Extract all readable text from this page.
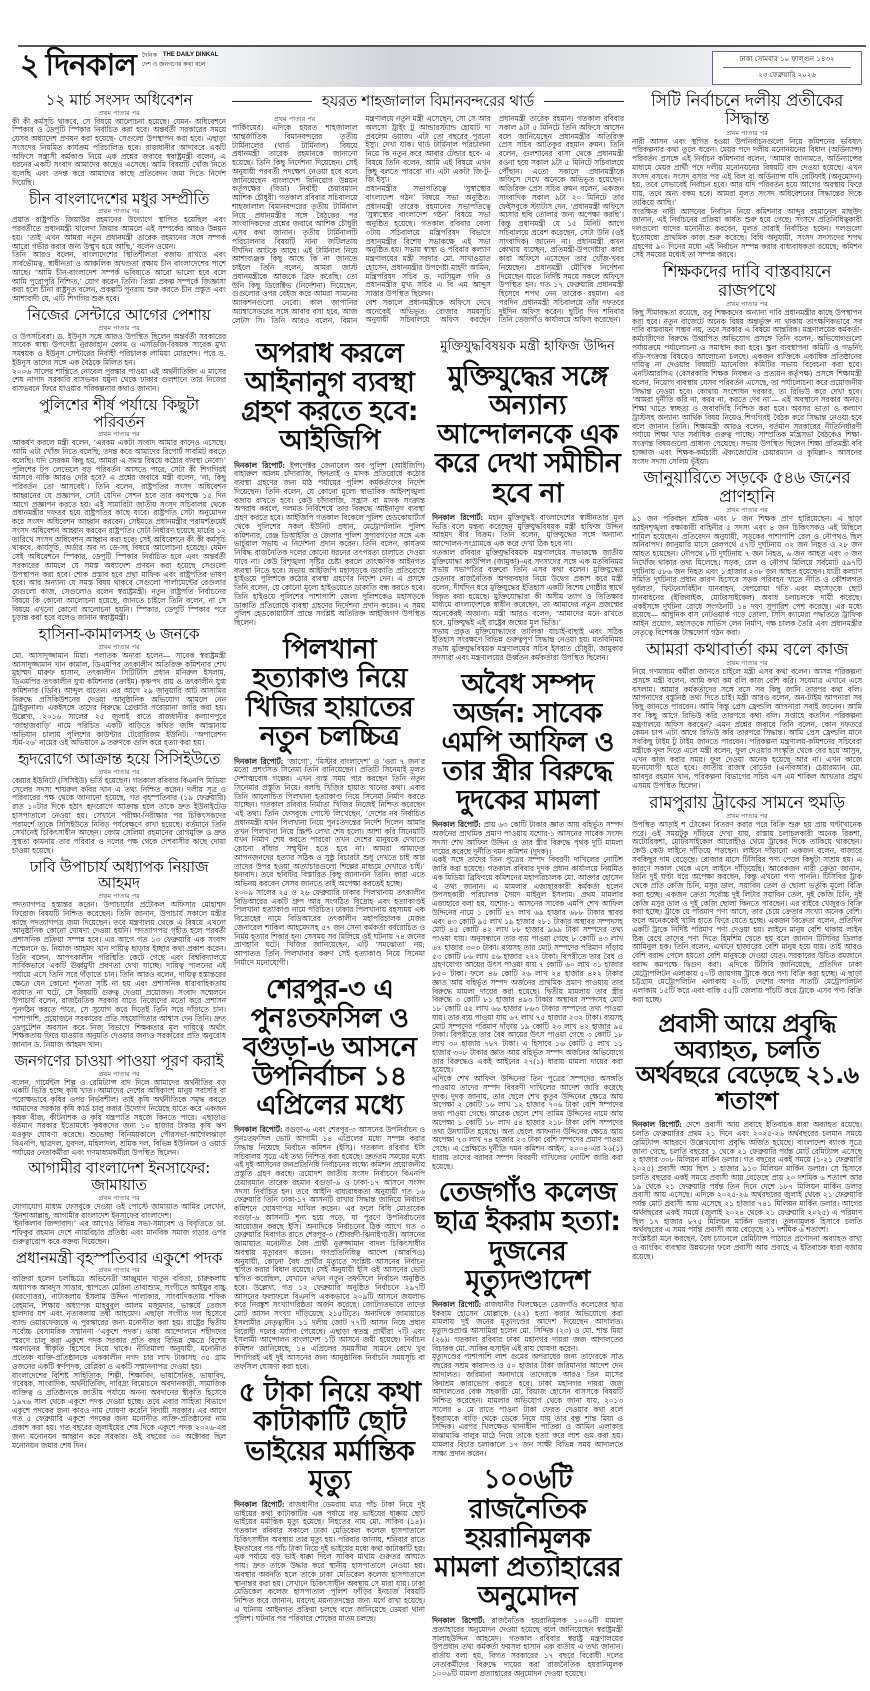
২ দিনকাল দৈনিক THE DAILY DINKAL
দেশ ও জনগণের কথা বলে
ঢাকা সোমবার ১০ ফাল্গুন ১৪৩২
২৩ ফেব্রুয়ারি ২০২৬
হযরত শাহজালাল বিমানবন্দরের থার্ড
প্রথম পাতার পর

পার্কিংয়ের। এদিকে হযরত শাহজালাল আন্তর্জাতিক বিমানবন্দরের তৃতীয় টার্মিনালের (থার্ড টার্মিনাল) বিষয়ে প্রধানমন্ত্রী তারেক রহমানকে জানানো হয়েছে। তিনি কিছু নির্দেশনা দিয়েছেন। সেই অনুযায়ী পরবর্তী পদক্ষেপ নেওয়া হবে বলে জানিয়েছেন বাংলাদেশ বিনিয়োগ উন্নয়ন কর্তৃপক্ষের (বিডা) নির্বাহী চেয়ারম্যান আশিক চৌধুরী। গতকাল রবিবার সচিবালয়ে শাহজালাল বিমানবন্দরের তৃতীয় টার্মিনাল নিয়ে প্রধানমন্ত্রীর সঙ্গে বৈঠকের পর সাংবাদিকদের প্রশ্নের জবাবে আশিক চৌধুরী এসব কথা জানান। তৃতীয় টার্মিনালটি পরিচালনার বিষয়টি নানা জটিলতায় দীর্ঘদিন আটকে আছে। এই টার্মিনাল নিয়ে আশাব্যঞ্জক কিছু আছে কি না জানতে চাইলে তিনি বলেন, আমরা জাস্ট প্রধানমন্ত্রীকে আজকে ব্রিফ করেছি। তো উনি কিছু ডিরেক্টিভ (নির্দেশনা) দিয়েছেন, গুগুলোর ওপর বেইজ করে আমরা সামনের অ্যাকশনগুলো নেবো। কাল জাপানির অ্যাম্বাসেডরের সঙ্গে আবার বসা হবে, আজ লেটস সি। তিনি আরও বলেন, বিমান মন্ত্রণালয়ে নতুন মন্ত্রী এসেছেন, সো সে আর অলসো ট্রাইং টু আন্ডারস্ট্যান্ড হোয়াট দ্য প্রবলেম ওয়াজ। এটা তো বছরের পুরনো ইস্যু। দেখা যাক। থার্ড টার্মিনাল পরিচালনা নিয়ে কি নতুন করে আবার টেন্ডার হবে- এ বিষয়ে তিনি বলেন, আমি এই বিষয়ে এখন কিছু বলতে পারবো না। এটা একটা জি-টু-জি ইস্যু।

প্রধানমন্ত্রীর সভাপতিত্বে ‘সুস্বাস্থ্যের বাংলাদেশ গঠন’ বিষয়ে সভা অনুষ্ঠিত: প্রধানমন্ত্রী তারেক রহমানের সভাপতিত্বে ‘সুস্বাস্থ্যের বাংলাদেশ গঠন’ বিষয়ে সভা অনুষ্ঠিত হয়েছে। গতকাল রবিবার বেলা ৩টায় সচিবালয়ে মন্ত্রিপরিষদ বিভাগে প্রধানমন্ত্রীর বিশেষ সভাকক্ষে এই সভা অনুষ্ঠিত হয়। সভায় স্বাস্থ্য ও পরিবার কল্যাণ মন্ত্রণালয়ের মন্ত্রী সরদার মো. সাখাওয়াত হোসেন, প্রধানমন্ত্রীর উপদেষ্টা মাহদী আমিন, মন্ত্রিপরিষদ সচিব ড. নাসিমুল গনি ও প্রধানমন্ত্রীর মুখ্য সচিব এ বি এম আব্দুস সাত্তার উপস্থিত ছিলেন।

বেশ সকালে প্রধানমন্ত্রীকে অফিসে দেখে অনেকেই অভিভূত: রোজার সময়সূচি অনুযায়ী সচিবালয়ে অফিস করছেন প্রধানমন্ত্রী তারেক রহমান। গতকাল রবিবার সকাল ৯টা ৫ মিনিটে তিনি অফিসে আসেন বলে জানিয়েছেন প্রধানমন্ত্রীর অতিরিক্ত প্রেস সচিব আতিকুর রহমান রুমন। তিনি বলেন, গুলশানের বাসা থেকে প্রধানমন্ত্রী রওনা হয়ে সকাল ৯টা ৫ মিনিটে সচিবালয়ে পৌঁছান। এতো সকালে প্রধানমন্ত্রীকে অফিসে দেখে অনেকে অভিভূত হয়েছেন। অতিরিক্ত প্রেস সচিব রুমন বলেন, একজন সাংবাদিক সকাল ৯টা ২০ মিনিটে তার ফেইসবুকে স্ট্যাটাস দেন, ‘প্রধানমন্ত্রী অফিসে আসার ছবি তোলার জন্য অপেক্ষা করছি’। কিন্তু প্রধানমন্ত্রী যে ১৫ মিনিট আগে সচিবালয়ে প্রবেশ করেছেন, সেটা উনি (ওই সাংবাদিক) জানেন না। প্রধানমন্ত্রী কখন কোথায় যাচ্ছেন, প্রতিমন্ত্রী-উপদেষ্টারা কারা কারা অফিসে এসেছেন তার খোঁজ-খবর নিয়েছেন। প্রধানমন্ত্রী মৌখিক নির্দেশনা দিয়েছেন যাতে নির্দিষ্ট সময়ে সকলে অফিসে উপস্থিত হন। গত ১৭ ফেব্রুয়ারি প্রধানমন্ত্রী হিসেবে শপথ নেন তারেক রহমান। এর পরদিন প্রধানমন্ত্রী সচিবালয়ে তাঁর দফতরে দুইদিন অফিস করেন। ছুটির দিন শনিবার তিনি তেজগাঁও কার্যালয়ে অফিস করেছেন।

১২ মার্চ সংসদ অধিবেশন
প্রথম পাতার পর

কী কী কর্মসূচি থাকবে, সে বিষয়ে আলোচনা হয়েছে। যেমন- অধিবেশনে স্পিকার ও ডেপুটি স্পিকার নির্বাচিত করা হবে। অন্তর্বর্তী সরকারের সময়ে যেসব অধ্যাদেশ প্রণয়ন করা হয়েছে- সেগুলো উপস্থাপন করা হবে। এছাড়া সংসদের নিয়মিত কার্যক্রম পরিচালিত হবে। রাজধানীর আদাবরে একটি অফিসে সন্ত্রাসী কর্মকাণ্ড নিয়ে এক প্রশ্নের জবাবে স্বরাষ্ট্রমন্ত্রী বলেন, এ ধরনের একটি সংবাদ আমাদের কাছেও এসেছে। আমি বিষয়টি খোঁজ নিতে বলেছি এবং তদন্ত করে আমাদের কাছে প্রতিবেদন জমা দিতে নির্দেশ দিয়েছি।

চীন বাংলাদেশের মধুর সম্প্রীতি
প্রথম পাতার পর

প্রয়াত রাষ্ট্রপতি জিয়াউর রহমানের উদ্যোগে স্থাপিত হয়েছিল এবং পরবর্তীতে প্রধানমন্ত্রী খালেদা জিয়ার আমলে এই সম্পর্কের আরও উন্নয়ন হয়। ‘তাই এখন আমরা নতুন প্রধানমন্ত্রী তারেক রহমানের সঙ্গে সম্পর্ক আরো গভীর করার জন্য উন্মুখ হয়ে আছি,’ বলেন ওয়েন।

তিনি আরও বলেন, বাংলাদেশের স্থিতিশীলতা বজায় রাখতে এবং সার্বভৌমত্ব, স্বাধীনতা ও আঞ্চলিক অখণ্ডতা রক্ষায় চীন বাংলাদেশের পাশে আছে। ‘আমি চীন-বাংলাদেশ সম্পর্ক ভবিষ্যতে আরো ভালো হবে বলে আমি পুরোপুরি নিশ্চিত,’ যোগ করেন তিনি। তিস্তা প্রকল্প সম্পর্কে জিজ্ঞাসা করা হলে চীনা রাষ্ট্রদূত বলেন, প্রকল্পটি পুনরায় শুরু করতে চীন প্রস্তুত এবং আশাবাদী যে, এটি শিগগির শুরু হবে।

নিজের সেন্টারে আগের পেশায়
প্রথম পাতার পর

ও উপসচিবরা। ড. ইউনূস সঙ্গে আরও উপস্থিত ছিলেন অন্তর্বর্তী সরকারের সাবেক স্বাস্থ্য উপদেষ্টা নুরজাহান বেগম ও এসডিজি-বিষয়ক সাবেক মুখ্য সমন্বয়ক ও ইউনূস সেন্টারের নির্বাহী পরিচালক লামিয়া মোরশেদ। পরে ড. ইউনূস তাদের সঙ্গে এক বৈঠকে মিলিত হন।

২০০৬ সালের শান্তিতে নোবেল পুরস্কার পাওয়া এই অর্থনীতিবিদ এ মাসের শেষ নাগাদ সরকারি বাসভবন যমুনা থেকে ঢাকার গুলশানে তার নিজের বাসভবনে ফিরে যাওয়ার পরিকল্পনার কথাও জানান।

পুলিশের শীর্ষ পর্যায়ে কিছুটা পরিবর্তন
প্রথম পাতার পর

আকর্ষণ করলে মন্ত্রী বলেন, ‘এরকম একটা সংবাদ আমার কানেও এসেছে। আমি এটা খোঁজ নিতে বলেছি, তদন্ত করে আমাদের রিপোর্ট সাবমিট করতে বলেছি। যদি সেরকম কিছু হয়, আমরা এ সমস্ত বিষয়ে কঠোর ব্যবস্থা নেবো।’ পুলিশের টপ লেভেলে বড় পরিবর্তন আসতে পারে, সেটা কী শিগগিরই আসবে নাকি আরও দেরি হবে? এ প্রশ্নের জবাবে মন্ত্রী বলেন, ‘না, কিছু পরিবর্তন তো আসবেই’। তিনি বলেন, রাষ্ট্রপতির সংসদ অধিবেশন আহ্বানের যে প্রজ্ঞাপন, সেটা যেদিন সেশন হবে তার কমপক্ষে ১৫ দিন আগে প্রজ্ঞাপন করতে হয়। এই সামারিটা জাতীয় সংসদ সচিবালয় থেকে প্রধানমন্ত্রীর দফতর হয়ে রাষ্ট্রপতির কাছে যাবে। রাষ্ট্রপতি সেটা অনুমোদন করে সংসদ অধিবেশন আহ্বান করবেন। সেইমতে প্রধানমন্ত্রীর পরামর্শক্রমেই সংসদ অধিবেশন আহ্বান করবেন রাষ্ট্রপতি। সেটা নির্ধারণ হয়েছে মার্চের ১২ তারিখে সংসদ অধিবেশন আহ্বান করা হবে। সেই অধিবেশনে কী কী কর্মসূচি থাকবে, কার্যসূচি, অর্ডার অব দ্য ডে-সহ বিষয়ে আলোচনা হয়েছে। যেমন সেই অধিবেশনে স্পিকার, ডেপুটি স্পিকার নির্বাচিত হবে এবং অন্তর্বর্তী সরকারের আমলে যে সমস্ত অধ্যাদেশ প্রণয়ন করা হয়েছে সেগুলো উপস্থাপন করা হবে। শোক প্রস্তাব হবে প্রথা মাফিক এবং রাষ্ট্রপতির ভাষণ হবে। আর অন্যান্য যে সমস্ত বিষয় থাকবে সেগুলো পার্লামেন্টের রেগুলার যেগুলো কাজ, সেগুলোও বলেন স্বরাষ্ট্রমন্ত্রী। নতুন রাষ্ট্রপতি নির্বাচনের বিষয়ে কি কোনো আলোচনা হয়েছে, জানতে চাইলে তিনি বলেন, না সে বিষয়ে এখনো কোনো আলোচনা হয়নি। স্পিকার, ডেপুটি স্পিকার পরে চূড়ান্ত করা হবে বলেও জানান স্বরাষ্ট্রমন্ত্রী।

হাসিনা-কামালসহ ৬ জনকে
প্রথম পাতার পর

মো. আসাদুজ্জামান মিয়া। পলাতক অন্যরা হলেন— সাবেক স্বরাষ্ট্রমন্ত্রী আসাদুজ্জামান খান কামাল, ডিএমপির তৎকালীন অতিরিক্ত কমিশনার শেখ মুহাম্মদ মারুফ হাসান, তৎকালীন সিটিটিসি প্রধান মনিরুল ইসলাম, ডিএমপির তৎকালীন যুগ্ম কমিশনার (ক্রাইম) কৃষ্ণপদ রায় ও তৎকালীন যুগ্ম কমিশনার (ডিবি) আব্দুল বাতেন। এর আগে ২৯ জানুয়ারি আট আসামির বিরুদ্ধে প্রসিকিউশনের দেওয়া আনুষ্ঠানিক অভিযোগ আমলে নেন ট্রাইব্যুনাল। একইসঙ্গে তাদের বিরুদ্ধে গ্রেপ্তারি পরোয়ানা জারি করা হয়। উল্লেখ্য, ২০১৬ সালের ২৫ জুলাই রাতে রাজধানীর কল্যাণপুরে ‘জাহাজবাড়ি’ নামে পরিচিত একটি বাড়িতে কথিত জঙ্গি আস্তানায় অভিযান চালায় পুলিশের কাউন্টার টেরোরিজম ইউনিট। ‘অপারেশন স্টর্ম-২৬’ নামের ওই অভিযানে ৯ তরুণকে গুলি করে হত্যা করা হয়।

হৃদরোগে আক্রান্ত হয়ে সিসিইউতে
প্রথম পাতার পর

কেয়ার ইউনিটে (সিসিইউ) ভর্তি হয়েছেন। গতকাল রবিবার বিএনপি মিডিয়া সেলের সদস্য শায়রুল কবির খান এ তথ্য নিশ্চিত করেন। দলীয় সূত্র ও পরিবারের পক্ষ থেকে জানানো হয়েছে, গত বৃহস্পতিবার (১৯ ফেব্রুয়ারি) রাত ১০টার দিকে হঠাৎ হৃদরোগে আক্রান্ত হলে তাকে দ্রুত ইউনাইটেড হাসপাতালে নেওয়া হয়। সেখানে পরীক্ষা-নিরীক্ষার পর চিকিৎসকদের পরামর্শে তাকে সিসিইউতে নিবিড় পর্যবেক্ষণে রাখা হয়েছে। বর্তমানে তিনি সেখানেই চিকিৎসাধীন আছেন। বেগম সেলিমা রহমানের রোগমুক্তি ও দ্রুত সুস্থতা কামনায় তার পরিবার ও দলের পক্ষ থেকে দেশবাসীর কাছে দোয়া চাওয়া হয়েছে।

ঢাবি উপাচার্য অধ্যাপক নিয়াজ আহমদ
প্রথম পাতার পর

পদত্যাগপত্র হস্তান্তর করেন। উপাচার্যের প্রটোকল অফিসার মোহাম্মদ ফিরোজ বিষয়টি নিশ্চিত করেছেন। তিনি জানান, উপাচার্য সকালে মন্ত্রীর কাছে পদত্যাগপত্র জমা দিয়েছেন। তবে মন্ত্রণালয় থেকে এ বিষয়ে এখনো আনুষ্ঠানিক কোনো ঘোষণা দেওয়া হয়নি। পদত্যাগপত্র গৃহীত হলে পরবর্তী প্রশাসনিক প্রক্রিয়া সম্পন্ন হবে। এর আগে গত ১৩ ফেব্রুয়ারি এক সংবাদ সম্মেলনে ড. নিয়াজ আহমদ খান দায়িত্ব ছাড়ার ইচ্ছার কথা প্রকাশ করেন। তিনি বলেন, আপৎকালীন পরিস্থিতি কেটে গেছে এবং বিশ্ববিদ্যালয়ে সার্বিকভাবে একটি ঊর্ধ্বমুখী প্রবণতা দেখা যাচ্ছে। দায়িত্ব পালনের এই পর্যায়ে এসে তিনি সরে দাঁড়াতে চান। তিনি আরও বলেন, দায়িত্ব হস্তান্তরের ক্ষেত্রে যেন কোনো শূন্যতা সৃষ্টি না হয় এবং প্রশাসনিক ধারাবাহিকতায় ব্যাঘাত না ঘটে, সে বিষয়টি গুরুত্ব দেওয়া প্রয়োজন। সংবাদ সম্মেলনে উপাচার্য বলেন, রাজনৈতিক সরকার যাতে নিজেদের মতো করে প্রশাসন পুনর্গঠন করতে পারে, সে সুযোগ করে দিতেই তিনি সরে দাঁড়াতে চান। পাশাপাশি, প্রয়োজনে সরকারের প্রতি সহযোগিতার আশ্বাস দেন তিনি। দ্রুত ডেপুটেশন অবসান করে নিজ বিভাগে শিক্ষকতার মূল দায়িত্বে অর্থাৎ শিক্ষকতায় ফিরে যাওয়ার অনুমতি দেওয়ার জন্যও সরকারের প্রতি অনুরোধ জানান ড. নিয়াজ আহমদ খান।

জনগণের চাওয়া পাওয়া পূরণ করাই
প্রথম পাতার পর

বলেন, গার্মেন্টস শিল্প ও রেমিট্যান্স বাদ দিলে আমাদের অর্থনীতির বড় একটি ভিত্তি হচ্ছে কৃষি খাত। আমাদের দেশের অধিকাংশ মানুষ সরাসরি বা পরোক্ষভাবে কৃষির ওপর নির্ভরশীল। তাই কৃষি অর্থনীতিকে সমৃদ্ধ করতে আমাদের সরকার কৃষি কার্ড চালু করার উদ্যোগ নিয়েছে যাতে করে একজন কৃষক বীজ, কীটনাশক ও কৃষি যন্ত্রপাতি সহজে কিনতে পারে। এছাড়াও বর্তমান সরকার ইতোমধ্যে কৃষকদের জন্য ১০ হাজার টাকার কৃষি ঋণ মওকুফ ঘোষণা করেছে। শুভেচ্ছা বিনিময়কালে পৌরসভা-আগৈলঝাড়া বিএনপি, ছাত্রদল, যুবদল, মহিলাদল, শ্রমিক দল, বিভিন্ন ইউনিয়ন ও ওয়ার্ড পর্যায়ের নেতাকর্মীরা এবং গণমাধ্যমকর্মীরা উপস্থিত ছিলেন।

আগামীর বাংলাদেশ ইনসাফের: জামায়াত
প্রথম পাতার পর

যোগাযোগ মাধ্যম ফেসবুকে দেওয়া ওই পোস্টে জামায়াত আমির লেখেন, ‘ইনশাআল্লাহ, আগামীর বাংলাদেশ ইনসাফের বাংলাদেশ।

‘ইনকিলাব জিন্দাবাদ।’ এর আগেও বিভিন্ন সভা-সমাবেশ ও বিবৃতিতে ডা. শফিকুর রহমান দেশে ন্যায়বিচার প্রতিষ্ঠা এবং মানবিক সমাজ গড়ার ওপর গুরুত্বারোপ করে বক্তব্য দিয়েছেন।

প্রধানমন্ত্রী বৃহস্পতিবার একুশে পদক
প্রথম পাতার পর

ব্যক্তিরা হলেন চলচ্চিত্রে অভিনেত্রী আঞ্জুমান খাতুন ববিতা, চারুকলায় অধ্যাপক আবদুস সাত্তার, স্থাপত্যে মেরিনা তাবাশ্যুম, সংগীতে আইয়ুব বাচ্চু (মরণোত্তর), নাট্যকলায় ইসলাম উদ্দিন পালাকার, সাংবাদিকতায় শফিক রেহমান, শিক্ষায় অধ্যাপক মাহবুবুল আলম মজুমদার, ভাস্কর্যে তেজস হালদার যশ এবং নৃত্যকলায় তন্বী আহমেদ। এছাড়া সংগীত দল হিসেবে ব্যান্ড ওয়ারফেজকে এ পুরস্কারের জন্য মনোনীত করা হয়। রাষ্ট্রের দ্বিতীয় সর্বোচ্চ বেসামরিক সম্মাননা ‘একুশে পদক’। ভাষা আন্দোলনে শহীদদের স্মরণে চালু করা একুশে পদক সরকার প্রতি বছর বিভিন্ন ক্ষেত্রে বিশেষ অবদানের স্বীকৃতি হিসেবে দিয়ে থাকে। নীতিমালা অনুযায়ী, মনোনীত প্রত্যেক ব্যক্তি-প্রতিষ্ঠানকে এককালীন নগদ চার লাখ টাকাসহ ৩৫ গ্রাম ওজনের একটি স্বর্ণপদক, রেপ্লিকা ও একটি সম্মাননাপত্র দেওয়া হয়।

বাংলাদেশের বিশিষ্ট সাহিত্যিক, শিল্পী, শিক্ষাবিদ, ভাষাসৈনিক, ভাষাবিদ, গবেষক, সাংবাদিক, অর্থনীতিবিদ, দারিদ্র্য বিমোচনে অবদানকারী, সামাজিক ব্যক্তিত্ব ও প্রতিষ্ঠানকে জাতীয় পর্যায়ে অনন্য অবদানের স্বীকৃতি হিসেবে ১৯৭৬ সাল থেকে একুশে পদক দেওয়া হচ্ছে। তবে এবার সাহিত্য বিভাগে একুশে পদকের জন্য কারও নাম ঘোষণা করেনি বিদায়ী সরকার। এর আগে গত ৫ ফেব্রুয়ারি একুশে পদকের জন্য মনোনীত ব্যক্তি-প্রতিষ্ঠানের নাম প্রকাশ করা হয়। গত বছরের জুলাইয়ের শেষ দিকে একুশে পদক ২০২৬-এর জন্য মনোনয়ন আহ্বান করে সরকার। ওই বছরের ৩০ অক্টোবর ছিল মনোনয়ন জমার শেষ দিন।

অপরাধ করলে আইনানুগ ব্যবস্থা গ্রহণ করতে হবে: আইজিপি

দিনকাল রিপোর্ট: ইন্সপেক্টর জেনারেল অব পুলিশ (আইজিপি) বাহারুল আলম চাঁদাবাজি, ছিনতাই ও মাদক প্রতিরোধে কঠোর ব্যবস্থা গ্রহণের জন্য মাঠ পর্যায়ের পুলিশ কর্মকর্তাদের নির্দেশ দিয়েছেন। তিনি বলেন, যে কোনো মূল্যে স্বাভাবিক আইনশৃঙ্খলা বজায় রাখতে হবে। কেউ চাঁদাবাজি, সন্ত্রাস বা মাদক সংক্রান্ত অপরাধ করলে, দলমত নির্বিশেষে তার বিরুদ্ধে আইনানুগ ব্যবস্থা গ্রহণ করতে হবে। আইজিপি গতকাল বিকেলে পুলিশ হেডকোয়ার্টার্স থেকে পুলিশের সকল ইউনিট প্রধান, মেট্রোপলিটন পুলিশ কমিশনার, রেঞ্জ ডিআইজি ও জেলার পুলিশ সুপারগণের সঙ্গে এক ভার্চুয়াল সভায় এ নির্দেশনা প্রদান করেন। তিনি বলেন, কার্যক্রম নিষিদ্ধ রাজনৈতিক দলের কোনো ধরনের তৎপরতা চালাতে দেওয়া যাবে না। কেউ বিশৃঙ্খলা সৃষ্টির চেষ্টা করলে তাৎক্ষণিক আইনগত ব্যবস্থা নিতে হবে। সভায় আইজিপি মহাসড়কে ডাকাতি প্রতিরোধে হাইওয়ে পুলিশকে কঠোর ব্যবস্থা গ্রহণের নির্দেশ দেন। এ প্রসঙ্গে তিনি বলেন, যে কোনো মূল্যে হাইওয়েতে ডাকাতি বন্ধ করতে হবে। তিনি হাইওয়ে পুলিশের পাশাপাশি জেলা পুলিশকেও মহাসড়কে ডাকাতি প্রতিরোধে ব্যবস্থা গ্রহণের নির্দেশনা প্রদান করেন। এ সময় পুলিশ হেডকোয়ার্টার্স প্রান্তে সংশ্লিষ্ট অতিরিক্ত আইজিগণ উপস্থিত ছিলেন।

পিলখানা হত্যাকাণ্ড নিয়ে খিজির হায়াতের নতুন চলচ্চিত্র

দিনকাল রিপোর্ট: ‘জাগো’, ‘মিস্টার বাংলাদেশ’ ও ‘ওরা ৭ জন’র মতো প্রশংসিত সিনেমা তিনি বানিয়েছেন। প্রতিটি সিনেমাই মূলত দেশাত্মবোধ গল্পের। এখন ব্যস্ত সময় পার করছেন তিনি নতুন সিনেমার প্রস্তুতি নিয়ে। বলছি খিজির হায়াত খানের কথা। এবার তিনি আলোচিত পিলখানা হত্যাকাণ্ড নিয়ে সিনেমা নির্মাণ করতে যাচ্ছেন। গতকাল রবিবার নির্মাতা খিজির নিজেই নিশ্চিত করেছেন এই তথ্য। তিনি ফেসবুকে পোস্টে লিখেছেন, ‘দেশের নব নির্বাচিত প্রধানমন্ত্রী যখন পিলখানা নিয়ে পুনঃতদন্তের নির্দেশ দিলেন আমার তখন পিলখানা নিয়ে স্ক্রিপ্ট লেখা শেষ হলো। আশা করি সিনেমাটি যখন নির্মাণ শেষ করতে পারবো তখন দেশের মানুষকে দেখাতে কোনো বাঁধার সম্মুখীন হতে হবে না। আমরা আমাদের আপনজনদের হত্যার সঠিক ও সুষ্ঠু বিচারটা শুধু দেখতে চাই আর তাদের উপর হওয়া অত্যাচারগুলো শিল্পের মাধ্যমে দেখাতে চাই।’ ধন্যবাদ। তবে ছবিটির বিস্তারিত কিছু জানাননি তিনি। কারা এতে অভিনয় করবেন সেসব জানতে তাই অপেক্ষা করতেই হচ্ছে।

২০০৯ সালের ২৫ ও ২৬ ফেব্রুয়ারি ঢাকার পিলখানায় তৎকালীন বিডিআরের একটি গ্রুপ আর সংগঠিত বিদ্রোহ এবং হত্যাকাণ্ডই পিলখানা হত্যাকাণ্ড নামে পরিচিত। ঢাকার পিলখানায় রহস্যময় এক বিদ্রোহের নামে বিডিআরের তৎকালীন মহাপরিচালক মেজর জেনারেল শাকিল আহমেদসহ ৫৭ জন সেনা কর্মকর্তা বর্বরোচিত ও নির্মম হত্যার শিকার হন। সেসময় সব মিলিয়ে ওই ঘটনায় ৭৪ জনের প্রাণহানি ঘটে। খিজির জানিয়েছেন, এটি ‘সমঝোতা’ নয়; আপাতত তিনি পিলখানার করুণ সেই হত্যাকাণ্ড নিয়ে সিনেমা নির্মাণে মনোযোগী।

শেরপুর-৩ এ পুনঃতফসিল ও বগুড়া-৬ আসনে উপনির্বাচন ১৪ এপ্রিলের মধ্যে

দিনকাল রিপোর্ট: বগুড়া-৬ এবং শেরপুর-৩ আসনের উপনির্বাচন ও পুনঃতফসিল ভোট আগামী ১৪ এপ্রিলের মধ্যে সম্পন্ন করার সিদ্ধান্ত নিয়েছে নির্বাচন কমিশন (ইসি)। গতকাল রবিবার ইসি সচিবালয় সূত্রে এই তথ্য নিশ্চিত করা হয়েছে। দ্রুততম সময়ের মধ্যে এই দুই আসনের জনপ্রতিনিধি নির্বাচনের লক্ষ্যে কমিশন প্রয়োজনীয় প্রস্তুতি গ্রহণ করছে। ত্রয়োদশ জাতীয় সংসদ নির্বাচনে বিএনপি চেয়ারম্যান তারেক রহমান বগুড়া-৬ ও ঢাকা-১৭ আসনে সংসদ সদস্য নির্বাচিত হন। তবে আইনি বাধ্যবাধকতা অনুযায়ী গত ১৬ ফেব্রুয়ারি তিনি ঢাকা-১৭ আসনটি রাখার সিদ্ধান্ত জানিয়ে নির্বাচন কমিশনে ঘোষণাপত্র দাখিল করেন। এর ফলে বিধি মোতাবেক বগুড়া-৬ আসনটি শূন্য হয়ে পড়ে, যা পূরণে উপনির্বাচনের আয়োজন করছে ইসি। অন্যদিকে নির্বাচনের ঠিক আগে গত ৩ ফেব্রুয়ারি দিবাগত রাতে শেরপুর-৩ (শ্রীবরদী-ঝিনাইগাতী) আসনের জামায়াত মনোনীত বৈধ প্রার্থী নুরুজ্জামান বাদল চিকিৎসাধীন অবস্থায় মৃত্যুবরণ করেন। গণপ্রতিনিধিত্ব আদেশ (আরপিও) অনুযায়ী, কোনো বৈধ প্রার্থীর মৃত্যুতে সংশ্লিষ্ট আসনের নির্বাচন স্থগিত করার বিধান রয়েছে। সেই অনুযায়ী ইসি ওই আসনের ভোট স্থগিত করেছিল, যেখানে এখন নতুন তফসিলে নির্বাচন অনুষ্ঠিত হবে। উল্লেখ্য, গত ১২ ফেব্রুয়ারি অনুষ্ঠিত নির্বাচনে ২৯৭টি আসনের ফলাফলে বিএনপি এককভাবে ২০৯টি আসনে জয়লাভ করে নিরঙ্কুশ সংখ্যাগরিষ্ঠতা অর্জন করেছে। জোটগতভাবে তাদের মোট আসন সংখ্যা দাঁড়িয়েছে ২১৫টিতে। অন্যদিকে জামায়াতে ইসলামীর নেতৃত্বাধীন ১১ দলীয় জোট ৭৭টি আসন নিয়ে প্রধান বিরোধী দলের মর্যাদা পেয়েছে। এছাড়া স্বতন্ত্র প্রার্থীরা ৭টি এবং ইসলামী আন্দোলন বাংলাদেশ ১টি আসনে জয়ী হয়েছে। নির্বাচন কমিশন জানিয়েছে, ১৪ এপ্রিলের সময়সীমা সামনে রেখে খুব শিগগিরই এই দুই আসনের জন্য আনুষ্ঠানিক নির্বাচনি সময়সূচি বা তফসিল ঘোষণা করা হবে।

৫ টাকা নিয়ে কথা কাটাকাটি ছোট ভাইয়ের মর্মান্তিক মৃত্যু

দিনকাল রিপোর্ট: রাজধানীর ডেমরায় মাত্র পাঁচ টাকা নিয়ে দুই ভাইয়ের কথা কাটাকাটির এক পর্যায়ে বড় ভাইয়ের ধাক্কায় ছোট ভাইয়ের মর্মান্তিক মৃত্যু হয়েছে। নিহতের নাম মো. সাকিব (১৪)। গতকাল রবিবার সকালে ঢাকা মেডিকেল কলেজ হাসপাতালে চিকিৎসাধীন অবস্থায় তার মৃত্যু হয়। পরিবার জানায়, শনিবার রাতে ইফতারের পর পাঁচ টাকা নিয়ে দুই ভাইয়ের মধ্যে কথা কাটাকাটি হয়। এক পর্যায়ে বড় ভাই ধাক্কা দিলে সাকিব মাথায় গুরুতর আঘাত পায়। দ্রুত তাকে উদ্ধার করে স্থানীয় হাসপাতালে নেওয়া হয়। অবস্থার অবনতি হলে তাকে ঢাকা মেডিকেল কলেজ হাসপাতালে স্থানান্তর করা হয়। সেখানে চিকিৎসাধীন অবস্থায় সে মারা যায়। ঢাকা মেডিকেল কলেজ হাসপাতাল পুলিশ ফাঁড়ির ইনচার্জ বিষয়টি নিশ্চিত করে জানান, মরদেহ ময়নাতদন্তের জন্য মর্গে রাখা হয়েছে। এ ঘটনায় আইনগত প্রক্রিয়া চলছে বলে জানিয়েছে ডেমরা থানা পুলিশ। ঘটনার পর পরিবারে শোকের মাতম চলছে।

মুক্তিযুদ্ধবিষয়ক মন্ত্রী হাফিজ উদ্দিন
মুক্তিযুদ্ধের সঙ্গে অন্যান্য আন্দোলনকে এক করে দেখা সমীচীন হবে না

দিনকাল রিপোর্ট: মহান মুক্তিযুদ্ধই বাংলাদেশের স্বাধীনতার মূল ভিত্তি বলে মন্তব্য করেছেন মুক্তিযুদ্ধবিষয়ক মন্ত্রী হাফিজ উদ্দিন আহমদ বীর বিক্রম। তিনি বলেন, মুক্তিযুদ্ধের সঙ্গে অন্যান্য আন্দোলন-সংগ্রামকে এক করে দেখা ঠিক হবে না।

গতকাল রবিবার মুক্তিযুদ্ধবিষয়ক মন্ত্রণালয়ের সভাকক্ষে জাতীয় মুক্তিযোদ্ধা কাউন্সিল (জামুকা)-এর সদস্যদের সঙ্গে এক মতবিনিময় সভায় সভাপতির বক্তব্যে তিনি এসব কথা বলেন। মুক্তিযুদ্ধের চেতনার রাজনৈতিক অপব্যবহার নিয়ে উদ্বেগ প্রকাশ করে মন্ত্রী বলেন, দীর্ঘদিন ধরে মুক্তিযুদ্ধের ইতিহাস একটি বিশেষ গোষ্ঠীর স্বার্থে বিকৃত করা হয়েছে। মুক্তিযোদ্ধারা কী অসীম ত্যাগ ও তিতিক্ষার মাধ্যমে বাংলাদেশকে স্বাধীন করেছেন, তা আমাদের নতুন প্রজন্মের অনেকেরই অজানা। মন্ত্রী আরও বলেন, ‘আমাদের মনে রাখতে হবে, মুক্তিযুদ্ধই এই রাষ্ট্রের জন্মের মূল ভিত্তি।’

সভায় প্রকৃত মুক্তিযোদ্ধাদের তালিকা যাচাই-বাছাই এবং সঠিক ইতিহাস সংরক্ষণে বিভিন্ন গুরুত্বপূর্ণ সিদ্ধান্ত নেওয়া হয়। মতবিনিময় সভায় মুক্তিযুদ্ধবিষয়ক মন্ত্রণালয়ের সচিব ইসরাত চৌধুরী, জামুকার সদস্যরা এবং মন্ত্রণালয়ের ঊর্ধ্বতন কর্মকর্তারা উপস্থিত ছিলেন।

অবৈধ সম্পদ অর্জন: সাবেক এমপি আফিল ও তার স্ত্রীর বিরুদ্ধে দুদকের মামলা

দিনকাল রিপোর্ট: প্রায় ৬৩ কোটি টাকার জ্ঞাত আয় বহির্ভূত সম্পদ অর্জনের প্রাথমিক প্রমাণ পাওয়ায় যশোর-১ আসনের সাবেক সংসদ সদস্য শেখ আফিল উদ্দিন ও তার স্ত্রীর বিরুদ্ধে পৃথক দুটি মামলা দায়ের করেছে দুর্নীতি দমন কমিশন (দুদক)।

একই সঙ্গে তাদের তিন পুত্রের সম্পদ বিবরণী দাখিলের নোটিশ জারি করা হয়েছে। গতকাল রবিবার দুদক প্রধান কার্যালয়ে নিয়মিত এক মিডিয়া ব্রিফিংয়ে কমিশনের মহাপরিচালক মো. আক্তার হোসেন এ তথ্য জানান। এ মামলার এজাহারকারী কর্মকর্তা হলেন উপসহকারী পরিচালক সৈয়দ মাইনুল ইসলাম। প্রথম মামলার এজাহারে বলা হয়, যশোর-১ আসনের সাবেক এমপি শেখ আফিল উদ্দিনের নামে ১ কোটি ৪৭ লাখ ৬৯ হাজার ৬৮৮ টাকার স্থাবর এবং ৪৩ কোটি ৯৫ লাখ ১৯ হাজার ২৮১ টাকার অস্থাবর সম্পদসহ মোট ৪৫ কোটি ৪২ লাখ ৮৮ হাজার ৯৬৯ টাকা সম্পদের তথ্য পাওয়া যায়। অনুসন্ধানে তার ব্যয় পাওয়া গেছে ৮ কোটি ৪৩ লাখ ৬৭ হাজার ৩০৩ টাকা। ব্যয়সহ তার মোট সম্পদের পরিমাণ দাঁড়ায় ৫৩ কোটি ৮৬ লাখ ৫৬ হাজার ২৭২ টাকা। বিপরীতে তার বৈধ ও গ্রহণযোগ্য আয়ের উৎস পাওয়া যায় ৭ কোটি ৬০ লাখ ৩১ হাজার ৮৫০ টাকা। ফলে ৪৬ কোটি ২৬ লাখ ২৪ হাজার ৪২২ টাকার জ্ঞাত আয় বহির্ভূত সম্পদ অর্জনের প্রাথমিক প্রমাণ পাওয়ায় তার বিরুদ্ধে মামলা দায়ের করা হয়েছে। দ্বিতীয় মামলায় তার স্ত্রীর বিরুদ্ধে ৩ কোটি ৮১ হাজার ৪৯৩ টাকার অস্থাবর সম্পদসহ মোট ১৮ কোটি ৫৫ লাখ ৬৬ হাজার ৮৬৩ টাকার সম্পদের তথ্য পাওয়া যায়। তার ব্যয় পাওয়া যায় ৬৭ লাখ ৭৫ হাজার ২৩২ টাকা। ব্যয়সহ মোট সম্পদের পরিমাণ দাঁড়ায় ১৯ কোটি ২৩ লাখ ৪২ হাজার ৯৫ টাকা। বিপরীতে তার বৈধ আয়ের উৎস পাওয়া গেছে ৩ কোটি ১৮ লাখ ৩০ হাজার ৭৮৭ টাকা। এ হিসাবে ১৬ কোটি ৫ লাখ ১১ হাজার ৩০৮ টাকার জ্ঞাত আয় বহির্ভূত সম্পদ অর্জনের অভিযোগে তার বিরুদ্ধেও একই আইনের ২৭(১) ধারায় মামলা দায়ের করা হয়েছে।

এদিকে শেখ আফিল উদ্দিনের তিন পুত্রের সম্পদের অসঙ্গতি পাওয়ায় তাদের সম্পদ বিবরণী দাখিলের আদেশ জারি করেছে দুদক। দুদক জানায়, তার ছেলে শেখ কুতুব উদ্দিনের ক্ষেত্রে আয় অপেক্ষা ২ কোটি ১৬ লাখ ১২ হাজার ৭০৬ টাকা বেশি সম্পদের তথ্য পাওয়া গেছে। আরেক ছেলে শেখ তামিম উদ্দিনের নামে আয় অপেক্ষা ১ কোটি ১৮ লাখ ৫৪ হাজার ২১৮ টাকা বেশি সম্পদের তথ্য উদঘাটিত হয়েছে। অন্য ছেলে আফনান উদ্দিনের ক্ষেত্রে আয় অপেক্ষা ৭৩ লাখ ৭৪ হাজার ২৩ টাকা বেশি সম্পদের প্রমাণ পাওয়া গেছে। এ প্রেক্ষিতে দুর্নীতি দমন কমিশন আইন, ২০০৪-এর ২৬(১) ধারায় তাদের বরাবর সম্পদ বিবরণী দাখিলের নোটিশ জারি করা হয়েছে।

তেজগাঁও কলেজ ছাত্র ইকরাম হত্যা: দুজনের মৃত্যুদণ্ডাদেশ

দিনকাল রিপোর্ট: রাজধানীর খিলক্ষেতে তেজগাঁও কলেজের ছাত্র ইকরাম হোসেন মোল্লাকে (২২) হত্যা করার অভিযোগে করা মামলায় দুই জনের মৃত্যুদণ্ডের আদেশ দিয়েছেন আদালত। মৃত্যুদণ্ডপ্রাপ্ত আসামিরা হলেন মো. সিদ্দিক (২৩) ও মো. শান্ত মিয়া (২৬)। গতকাল রবিবার ঢাকা মহানগর দায়রা জজ আদালতের বিচারক মো. সাকিব হুসাইন এই রায় ঘোষণা করেন।

মৃত্যুদণ্ডের পাশাপাশি লাশ গুমের অপরাধের জন্য তাদেরকে সাত বছরের সশ্রম কারাদণ্ড ও ৫০ হাজার টাকা জরিমানার আদেশ দেন আদালত। জরিমানা অনাদায়ে তাদেরকে আরও তিন মাসের বিনাশ্রম কারাভোগ করতে হবে। ঢাকা মহানগর দায়রা জজ আদালতের বেঞ্চ সহকারী মো. রিয়াজ হোসেন বাসসকে বিষয়টি নিশ্চিত করেছেন। মামলার অভিযোগ থেকে জানা যায়, ২০১৩ সালের ৪ মে রাতে পাওনা টাকা ফেরত দেওয়ার কথা বলে ইকরামকে বাড়ি থেকে ডেকে নিয়ে যায় তার বন্ধু শান্ত মিয়া ও সিদ্দিক। এরপর খিলক্ষেত থানাধীন পাতিরা ও আমিন এলাকার মাঝামাঝি বালুর মাঠে নিয়ে তাকে হত্যা করে লাশ গুম করা হয়। মামলার বিচার চলাকালে ১৭ জন সাক্ষী বিভিন্ন সময় আদালতে সাক্ষ্য প্রদান করেন।

১০০৬টি রাজনৈতিক হয়রানিমূলক মামলা প্রত্যাহারের অনুমোদন

দিনকাল রিপোর্ট: রাজনৈতিক হয়রানিমূলক ১০০৬টি মামলা প্রত্যাহারের অনুমোদন দেওয়া হয়েছে বলে জানিয়েছেন স্বরাষ্ট্রমন্ত্রী সালাহউদ্দিন আহমেদ। গতকাল রবিবার স্বরাষ্ট্র মন্ত্রণালয়ের উপপ্রধান তথ্য কর্মকর্তা ফয়সল হাসান এক বার্তায় এ তথ্য জানান। বার্তায় বলা হয়, বিগত সরকারের ১৭ বছরে বিরোধী দলের নেতাকর্মীদের বিরুদ্ধে দায়ের করা রাজনৈতিক হয়রানিমূলক ১০০৬টি মামলা প্রত্যাহারের অনুমোদন দেওয়া হয়েছে।

সিটি নির্বাচনে দলীয় প্রতীকের সিদ্ধান্ত
প্রথম পাতার পর

নারী আসন এবং স্থগিত হওয়া উপনির্বাচনগুলো নিয়ে কমিশনের ভবিষ্যৎ পরিকল্পনার কথা তুলে ধরেন। মেয়র পদে দলীয় মনোনয়নের বিধান (অর্ডিন্যান্স) পরিবর্তন প্রসঙ্গে এই নির্বাচন কমিশনার বলেন, ‘আমার জানামতে, অর্ডিন্যান্সের মাধ্যমে মেয়র প্রার্থী পদে দলীয় মনোনয়নের বিষয়টি বাদ দেওয়া হয়েছে। এখন সংসদ বসবে। সংসদ বসার পর এই বিল বা অর্ডিন্যান্স যদি রেটিফাই (অনুমোদন) হয়, তবে সেভাবেই নির্বাচন হবে। আর যদি পরিবর্তন হয়ে আগের অবস্থায় ফিরে যায়, তবে অন্য রকম হবে। আমরা মূলত সংসদ অধিবেশনের সিদ্ধান্তের দিকে তাকিয়ে আছি।’

সংরক্ষিত নারী আসনের নির্বাচন নিয়ে কমিশনার আব্দুর রহমানেল মাছউদ জানান, এই নির্বাচনের প্রক্রিয়া কার্যত শুরু হয়ে গেছে। সংসদে প্রতিনিধিত্বকারী দলগুলো যাদের মনোনীত করবেন, মূলত তারাই নির্বাচিত হবেন। দলগুলো ইতোমধ্যে প্রাথমিক কাজ শুরু করেছে। বিধি অনুযায়ী, সংসদ সদস্যদের শপথ গ্রহণের ৯০ দিনের মধ্যে এই নির্বাচন সম্পন্ন করার বাধ্যবাধকতা রয়েছে; কমিশন সেই সময়ের মধ্যেই তা সম্পন্ন করবে।

শিক্ষকদের দাবি বাস্তবায়নে রাজপথে
প্রথম পাতার পর

কিছু সীমাবদ্ধতা রয়েছে, তবু শিক্ষকদের অন্যান্য দাবি প্রধানমন্ত্রীর কাছে উপস্থাপন করা হবে। নতুন বাজেটে অনেক বিষয় অন্তর্ভুক্ত না থাকায় তাৎক্ষণিকভাবে সব দাবি বাস্তবায়ন সম্ভব নয়, তবে সরকার এ বিষয়ে আন্তরিক। মন্ত্রণালয়ের কর্মকর্তা-কর্মচারীদের বিরুদ্ধে উত্থাপিত অভিযোগ প্রসঙ্গে তিনি বলেন, অভিযোগগুলো পর্যায়ক্রমে পর্যালোচনা ও সমাধান করা হবে। স্কুল ব্যবস্থাপনা কমিটি ও গভর্নিং বডি-সংক্রান্ত বিষয়েও আলোচনা চলছে। একজন ব্যক্তিকে একাধিক প্রতিষ্ঠানের দায়িত্ব না দেওয়ার বিষয়টি ম্যানেজিং কমিটির সভায় বিবেচনা করা হবে। এনটিআরসিএ (বেসরকারি শিক্ষক নিবন্ধন ও প্রত্যয়ন কর্তৃপক্ষ) প্রসঙ্গে শিক্ষামন্ত্রী বলেন, নিয়োগ ব্যবস্থায় যেসব পরিবর্তন এসেছে, তা পর্যালোচনা করে প্রয়োজনীয় সিদ্ধান্ত নেওয়া হবে। কোথায় সংশোধন দরকার, তা রিভিউ করে দেখা হবে। ‘আমরা দুর্নীতি করি না, করব না, করতে দেব না’— এই অবস্থানে সরকার অনড়। শিক্ষা খাতে স্বচ্ছতা ও জবাবদিহি নিশ্চিত করা হবে। অবসর ভাতা ও কল্যাণ ট্রাস্টসহ অন্যান্য আর্থিক বিষয় নিয়েও শিগগিরই বৈঠক করে সিদ্ধান্ত নেওয়া হবে বলে জানান তিনি। শিক্ষামন্ত্রী আরও বলেন, বর্তমান সরকারের নীতিনির্ধারণী পর্যায়ে শিক্ষা খাত সর্বাধিক গুরুত্ব পাচ্ছে। সাম্প্রতিক মন্ত্রিসভা বৈঠকেও শিক্ষা-সংক্রান্ত বিষয়গুলো প্রাধান্য পেয়েছে। সভায় উপস্থিত ছিলেন শিক্ষা প্রতিমন্ত্রী ববি হাজ্জাজ এবং শিক্ষক-কর্মচারী ঐক্যজোটের চেয়ারম্যান ও কুমিল্লা-২ আসনের সংসদ সদস্য সেলিম ভূঁইয়া।

জানুয়ারিতে সড়কে ৫৪৬ জনের প্রাণহানি
প্রথম পাতার পর

৯১ জন পরিবহন শ্রমিক এবং ৮ জন শিক্ষক প্রাণ হারিয়েছেন। এ ছাড়া আইনশৃঙ্খলা রক্ষাকারী বাহিনীর ৫ সদস্য এবং ৪ জন চিকিৎসকও এই মিছিলে শামিল হয়েছেন। প্রতিবেদন অনুযায়ী, সড়কের পাশাপাশি রেল ও নৌপথও ছিল অনিরাপদ। জানুয়ারি মাসে রেলপথে ৫৭টি দুর্ঘটনায় ৩২ জন নিহত ও ২৮ জন আহত হয়েছেন। নৌপথে ৮টি দুর্ঘটনায় ৭ জন নিহত, ৬ জন আহত এবং ৩ জন নিখোঁজ থাকার তথ্য মিলেছে। সড়ক, রেল ও নৌপথ মিলিয়ে সর্বমোট ৫৯৭টি দুর্ঘটনায় ৫৮৬ জন নিহত এবং ১ হাজার ২৩৮ জন আহত হয়েছেন। যাত্রী কল্যাণ সমিতি দুর্ঘটনার প্রধান কারণ হিসেবে সড়ক পরিবহন খাতে নীতি ও কৌশলগত দুর্বলতা, ফিটনেসবিহীন যানবাহন, বেপরোয়া গতি এবং মহাসড়কে ছোট যানবাহনের (ইজিবাইক, মোটরসাইকেল) অবাধ চলাচলকে দায়ী করেছে। একইসঙ্গে দুর্ঘটনা রোধে সংগঠনটি ১৪ দফা সুপারিশ পেশ করেছে। এর মধ্যে রয়েছে— আধুনিক বাস নেটওয়ার্ক গড়ে তোলা, সিসি ক্যামেরা পদ্ধতিতে ট্রাফিক আইন প্রয়োগ, মহাসড়কে সার্ভিস লেন নির্মাণ, দক্ষ চালক তৈরি এবং প্রধানমন্ত্রীর নেতৃত্বে বিশেষজ্ঞ টাস্কফোর্স গঠন করা।

আমরা কথাবার্তা কম বলে কাজ
প্রথম পাতার পর

নিয়ে গণমাধ্যম কর্মীরা জানতে চাইলে মন্ত্রী এসব কথা বলেন। আসন্ন পরিকল্পনা প্রসঙ্গে মন্ত্রী বলেন, আমি কথা কম বলি কাজ বেশি করি। সবেমাত্র এখানে এসে বসলাম। আমার কর্মকর্তাদের সঙ্গে বসে সব কিছু জানি তারপর কথা বলি। আপনাদের বস্তুনিষ্ঠ তথ্য দিতে চাই। মন্ত্রী আরও বলেন, অন-টাইম আপনারা সব কিছু জানতে পারবেন। আমি কিন্তু প্রেস ফ্রেন্ডলি আপনারা সবাই জানেন। আমি সব কিছু আগে রিভিউ করি তারপরে কথা বলি। সপ্তাহে কতদিন পরিকল্পনা মন্ত্রণালয়ে অফিস করবেন? এমন প্রশ্নের জবাবে তিনি বলেন, কোন দফতরে কেমন চাপ এটা আগে রিভিউ করি তারপরে সিদ্ধান্ত। আমি প্রেস ফ্রেন্ডলি মানে সবকিছু টাইম টু টাইম জানতে পারবেন। পরিকল্পনা মন্ত্রণালয়-কমিশনের সচিবেরা মন্ত্রীকে ফুল দিতে এলে মন্ত্রী বলেন, ফুল দেওয়ার সংস্কৃতি থেকে বের হয়ে আসুন, এখন কাজ করার সময়। ফুল দেওয়া অনেক হয়েছে আর না। এখন কাজে মনোযোগী হতে হবে। জাতীয় রাজস্ব বোর্ডের (এনবিআর) চেয়ারম্যান মো. আবদুর রহমান খান, পরিকল্পনা বিভাগের সচিব এস এম শাকিল আখতার প্রমুখ এসময় উপস্থিত ছিলেন।

রামপুরায় ট্রাকের সামনে হুমড়ি
প্রথম পাতার পর

উপস্থিত আড়াই শ টোকেন বিতরণ করার পরে বিক্রি শুরু হয় প্রায় ঘণ্টাখানেক পরে। ওই সময়টুকু দাঁড়িয়ে দেখা যায়, রাস্তায় চলাচলকারী অনেক রিকশা, অটোরিকশা, মোটরসাইকেল আরোহীও থেমে ট্রাকের দিকে তাকিয়ে থাকছেন। কেউ কেউ লাইনে দাঁড়িয়ে পড়ছেন। লাইনে দাঁড়ানো একজন বলেন, বাজারে সবকিছুর দাম বেড়েছে। রোজার মাসে টিসিবির পণ্য পেলে কিছুটা সাশ্রয় হয়। এ কারণে সকাল থেকে এসে লাইনে দাঁড়িয়েছি। আরেকজন নারী ক্রেতা জানান, তিনি দুই ঘণ্টা ধরে অপেক্ষা করছেন, কিন্তু এখনো পণ্য পাননি। টিসিবির ট্রাক থেকে প্রতি কেজি চিনি, মসুর ডাল, সয়াবিন তেল ও ছোলা ভর্তুকি মূল্যে বিক্রি করা হচ্ছে। একজন ক্রেতা সর্বোচ্চ দুই লিটার সয়াবিন তেল, দুই কেজি চিনি, দুই কেজি মসুর ডাল ও দুই কেজি ছোলা কিনতে পারছেন। এর বাইরে খেজুরও বিক্রি করা হচ্ছে। ট্রাকে যে পরিমাণ পণ্য আসে, তার চেয়ে ক্রেতার সংখ্যা অনেক বেশি। ফলে অনেককেই খালি হাতে ফিরে যেতে হচ্ছে। একজন বিক্রেতা বলেন, প্রতিদিন একটি ট্রাকে নির্দিষ্ট পরিমাণ পণ্য দেওয়া হয়। লাইনে মানুষ বেশি থাকায় লাইন ঠিক রেখে তাদের পণ্য দিতে হিমশিম খেতে হয় বলে জানান টিসিবির ডিলার আমিনুল হক। তিনি বলেন, এখানে হাজারের বেশি মানুষ হয়ে যায়। তাই আরও বেশি বরাদ্দ পেলে হয়তো বেশি মানুষকে দেওয়া যেত। সরকারের উচিত রমজানে বরাদ্দ কমপক্ষে দ্বিগুণ করা। এদিকে টিসিবি জানিয়েছে, প্রতিদিন ঢাকা মেট্রোপলিটন এলাকায় ৫০টি জায়গায় ট্রাকে করে পণ্য বিক্রি করা হচ্ছে। এ ছাড়া চট্টগ্রাম মেট্রোপলিটন এলাকায় ২০টি, দেশের অপর সাতটি মেট্রোপলিটন এলাকায় ১৫টি করে এবং বাকি ৫৫টি জেলায় পাঁচটি করে ট্রাকে এসব পণ্য বিক্রি করা হচ্ছে।

প্রবাসী আয়ে প্রবৃদ্ধি অব্যাহত, চলতি অর্থবছরে বেড়েছে ২১.৬ শতাংশ

দিনকাল রিপোর্ট: দেশে প্রবাসী আয় প্রবাহে ইতিবাচক ধারা অব্যাহত রয়েছে। চলতি ফেব্রুয়ারির প্রথম ২১ দিনে এবং ২০২৫-২৬ অর্থবছরের চলমান সময়ে রেমিট্যান্স আহরণে উল্লেখযোগ্য প্রবৃদ্ধি অর্জিত হয়েছে। বাংলাদেশ ব্যাংক সূত্রে জানা গেছে, চলতি বছরের ১ থেকে ২১ ফেব্রুয়ারি পর্যন্ত মোট রেমিট্যান্স এসেছে ২ হাজার ৩০৮ মিলিয়ন মার্কিন ডলার। গত বছরের একই সময়ে (১-২১ ফেব্রুয়ারি ২০২৫) প্রবাসী আয় ছিল ১ হাজার ৯১৩ মিলিয়ন মার্কিন ডলার। সে হিসাবে চলতি বছরের একই সময়ে প্রবাসী আয় বেড়েছে প্রায় ২০ দশমিক ৬ শতাংশ আর ১৯ থেকে ২১ ফেব্রুয়ারি পর্যন্ত তিন দিনে দেশে ১৮৭ মিলিয়ন মার্কিন ডলার প্রবাসী আয় এসেছে। এদিকে ২০২৫-২৬ অর্থবছরের জুলাই থেকে ২১ ফেব্রুয়ারি পর্যন্ত মোট প্রবাসী আয় এসেছে ২১ হাজার ৭৪১ মিলিয়ন মার্কিন ডলার। আগের অর্থবছরের একই সময়ে (জুলাই ২০২৪ থেকে ২১ ফেব্রুয়ারি ২০২৫) এ পরিমাণ ছিল ১৭ হাজার ৮৭৫ মিলিয়ন মার্কিন ডলার। তুলনামূলক হিসাবে চলতি অর্থবছরের এ সময় পর্যন্ত প্রবাসী আয় বেড়েছে ২১ দশমিক ৬ শতাংশ।

সংশ্লিষ্টরা মনে করছেন, বৈধ চ্যানেলে রেমিট্যান্স পাঠাতে প্রণোদনা অব্যাহত রাখা ও ব্যাংকিং ব্যবস্থার উন্নয়নের ফলে প্রবাসী আয় প্রবাহে এ ইতিবাচক ধারা বজায় রয়েছে।
